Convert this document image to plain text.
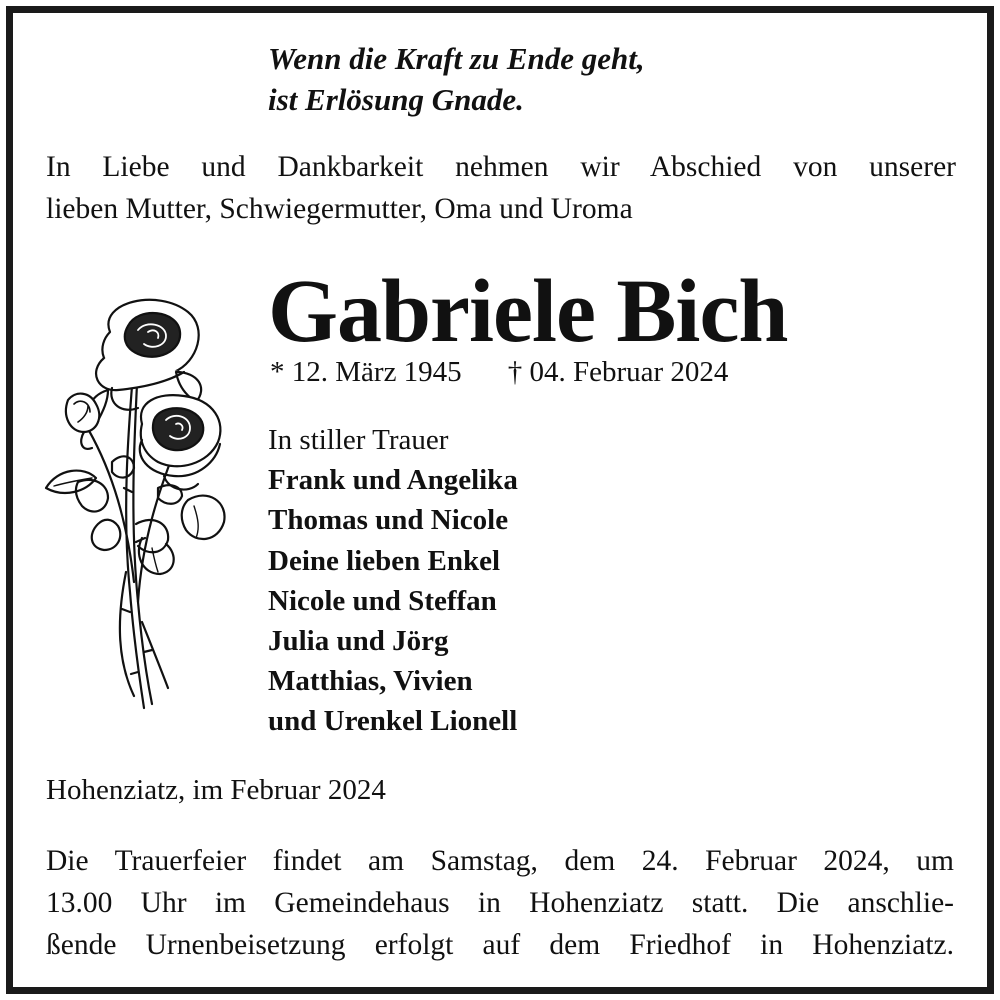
Wenn die Kraft zu Ende geht,
ist Erlösung Gnade.
In Liebe und Dankbarkeit nehmen wir Abschied von unserer
lieben Mutter, Schwiegermutter, Oma und Uroma
Gabriele Bich
* 12. März 1945 † 04. Februar 2024
In stiller Trauer
Frank und Angelika
Thomas und Nicole
Deine lieben Enkel
Nicole und Steffan
Julia und Jörg
Matthias, Vivien
und Urenkel Lionell
Hohenziatz, im Februar 2024
Die Trauerfeier findet am Samstag, dem 24. Februar 2024, um
13.00 Uhr im Gemeindehaus in Hohenziatz statt. Die anschlie-
ßende Urnenbeisetzung erfolgt auf dem Friedhof in Hohenziatz.
